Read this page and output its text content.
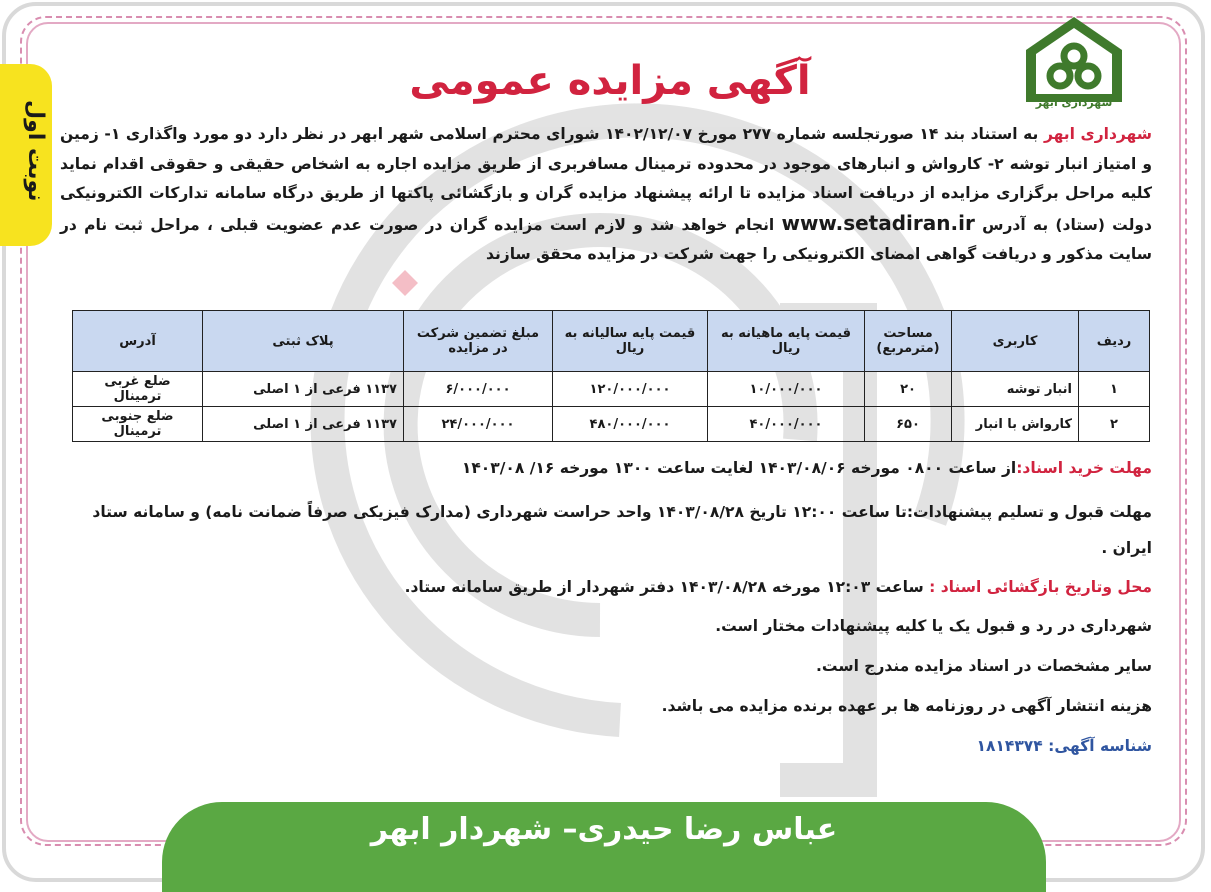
نوبت اول	شهرداری ابهر
آگهی مزایده عمومی
شهرداری ابهر به استناد بند ۱۴ صورتجلسه شماره ۲۷۷ مورخ ۱۴۰۲/۱۲/۰۷ شورای محترم اسلامی شهر ابهر در نظر دارد دو مورد واگذاری ۱- زمین و امتیاز انبار توشه ۲- کارواش و انبارهای موجود در محدوده ترمینال مسافربری از طریق مزایده اجاره به اشخاص حقیقی و حقوقی اقدام نماید کلیه مراحل برگزاری مزایده از دریافت اسناد مزایده تا ارائه پیشنهاد مزایده گران و بازگشائی پاکتها از طریق درگاه سامانه تدارکات الکترونیکی دولت (ستاد) به آدرس www.setadiran.ir انجام خواهد شد و لازم است مزایده گران در صورت عدم عضویت قبلی ، مراحل ثبت نام در سایت مذکور و دریافت گواهی امضای الکترونیکی را جهت شرکت در مزایده محقق سازند
ردیف	کاربری	مساحت (مترمربع)	قیمت پایه ماهیانه به ریال	قیمت پایه سالیانه به ریال	مبلغ تضمین شرکت در مزایده	پلاک ثبتی	آدرس
۱	انبار توشه	۲۰	۱۰/۰۰۰/۰۰۰	۱۲۰/۰۰۰/۰۰۰	۶/۰۰۰/۰۰۰	۱۱۳۷ فرعی از ۱ اصلی	ضلع غربی ترمینال
۲	کارواش با انبار	۶۵۰	۴۰/۰۰۰/۰۰۰	۴۸۰/۰۰۰/۰۰۰	۲۴/۰۰۰/۰۰۰	۱۱۳۷ فرعی از ۱ اصلی	ضلع جنوبی ترمینال
مهلت خرید اسناد:از ساعت ۰۸۰۰ مورخه ۱۴۰۳/۰۸/۰۶ لغایت ساعت ۱۳۰۰ مورخه ۱۶/ ۱۴۰۳/۰۸
مهلت قبول و تسلیم پیشنهادات:تا ساعت ۱۲:۰۰ تاریخ ۱۴۰۳/۰۸/۲۸ واحد حراست شهرداری (مدارک فیزیکی صرفاً ضمانت نامه) و سامانه ستاد ایران .
محل وتاریخ بازگشائی اسناد : ساعت ۱۲:۰۳ مورخه ۱۴۰۳/۰۸/۲۸ دفتر شهردار از طریق سامانه ستاد.
شهرداری در رد و قبول یک یا کلیه پیشنهادات مختار است.
سایر مشخصات در اسناد مزایده مندرج است.
هزینه انتشار آگهی در روزنامه ها بر عهده برنده مزایده می باشد.
شناسه آگهی: ۱۸۱۴۳۷۴
عباس رضا حیدری– شهردار ابهر
